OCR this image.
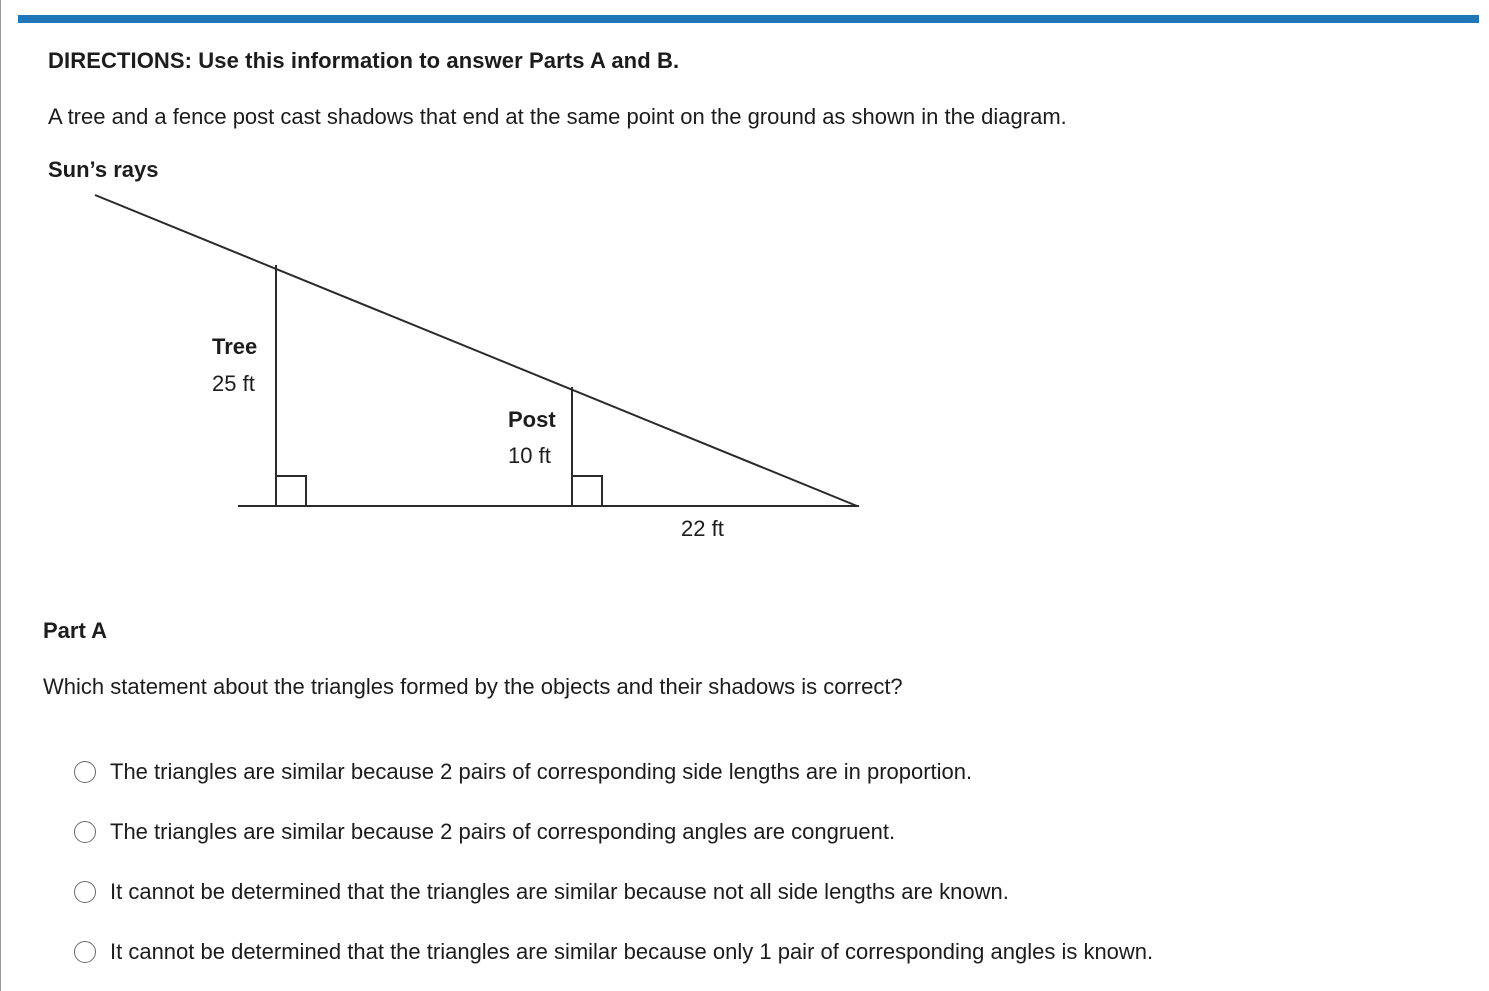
DIRECTIONS: Use this information to answer Parts A and B.
A tree and a fence post cast shadows that end at the same point on the ground as shown in the diagram.
Sun’s rays
Tree
25 ft
Post
10 ft
22 ft
Part A
Which statement about the triangles formed by the objects and their shadows is correct?
The triangles are similar because 2 pairs of corresponding side lengths are in proportion.
The triangles are similar because 2 pairs of corresponding angles are congruent.
It cannot be determined that the triangles are similar because not all side lengths are known.
It cannot be determined that the triangles are similar because only 1 pair of corresponding angles is known.
